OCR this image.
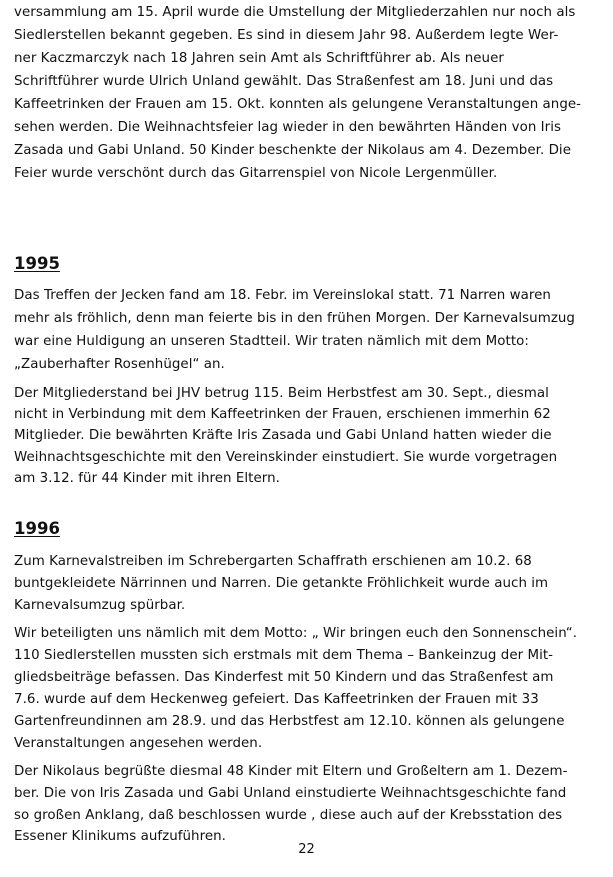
versammlung am 15. April wurde die Umstellung der Mitgliederzahlen nur noch als

Siedlerstellen bekannt gegeben. Es sind in diesem Jahr 98. Außerdem legte Wer-

ner Kaczmarczyk nach 18 Jahren sein Amt als Schriftführer ab. Als neuer

Schriftführer wurde Ulrich Unland gewählt. Das Straßenfest am 18. Juni und das

Kaffeetrinken der Frauen am 15. Okt. konnten als gelungene Veranstaltungen ange-

sehen werden. Die Weihnachtsfeier lag wieder in den bewährten Händen von Iris

Zasada und Gabi Unland. 50 Kinder beschenkte der Nikolaus am 4. Dezember. Die

Feier wurde verschönt durch das Gitarrenspiel von Nicole Lergenmüller.

1995

Das Treffen der Jecken fand am 18. Febr. im Vereinslokal statt. 71 Narren waren

mehr als fröhlich, denn man feierte bis in den frühen Morgen. Der Karnevalsumzug

war eine Huldigung an unseren Stadtteil. Wir traten nämlich mit dem Motto:

„Zauberhafter Rosenhügel“ an.

Der Mitgliederstand bei JHV betrug 115. Beim Herbstfest am 30. Sept., diesmal

nicht in Verbindung mit dem Kaffeetrinken der Frauen, erschienen immerhin 62

Mitglieder. Die bewährten Kräfte Iris Zasada und Gabi Unland hatten wieder die

Weihnachtsgeschichte mit den Vereinskinder einstudiert. Sie wurde vorgetragen

am 3.12. für 44 Kinder mit ihren Eltern.

1996

Zum Karnevalstreiben im Schrebergarten Schaffrath erschienen am 10.2. 68

buntgekleidete Närrinnen und Narren. Die getankte Fröhlichkeit wurde auch im

Karnevalsumzug spürbar.

Wir beteiligten uns nämlich mit dem Motto: „ Wir bringen euch den Sonnenschein“.

110 Siedlerstellen mussten sich erstmals mit dem Thema – Bankeinzug der Mit-

gliedsbeiträge befassen. Das Kinderfest mit 50 Kindern und das Straßenfest am

7.6. wurde auf dem Heckenweg gefeiert. Das Kaffeetrinken der Frauen mit 33

Gartenfreundinnen am 28.9. und das Herbstfest am 12.10. können als gelungene

Veranstaltungen angesehen werden.

Der Nikolaus begrüßte diesmal 48 Kinder mit Eltern und Großeltern am 1. Dezem-

ber. Die von Iris Zasada und Gabi Unland einstudierte Weihnachtsgeschichte fand

so großen Anklang, daß beschlossen wurde , diese auch auf der Krebsstation des

Essener Klinikums aufzuführen.

22
